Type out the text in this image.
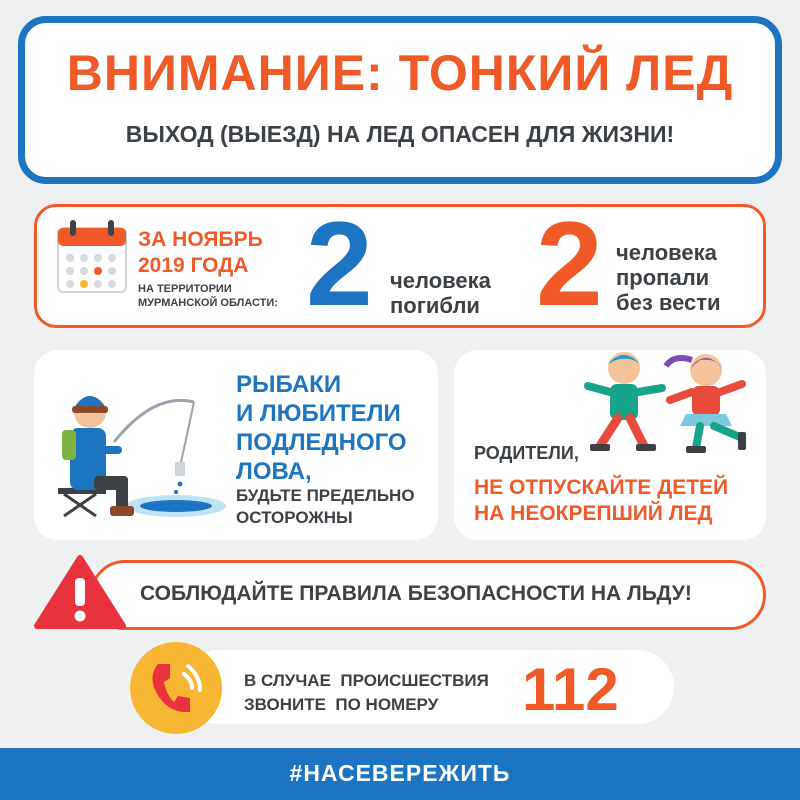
ВНИМАНИЕ: ТОНКИЙ ЛЕД
ВЫХОД (ВЫЕЗД) НА ЛЕД ОПАСЕН ДЛЯ ЖИЗНИ!
ЗА НОЯБРЬ
2019 ГОДА
НА ТЕРРИТОРИИ
МУРМАНСКОЙ ОБЛАСТИ: 2 человека
погибли 2 человека
пропали
без вести
РЫБАКИ
И ЛЮБИТЕЛИ
ПОДЛЕДНОГО
ЛОВА,
БУДЬТЕ ПРЕДЕЛЬНО
ОСТОРОЖНЫ
РОДИТЕЛИ,
НЕ ОТПУСКАЙТЕ ДЕТЕЙ
НА НЕОКРЕПШИЙ ЛЕД
СОБЛЮДАЙТЕ ПРАВИЛА БЕЗОПАСНОСТИ НА ЛЬДУ!
В СЛУЧАЕ  ПРОИСШЕСТВИЯ
ЗВОНИТЕ  ПО НОМЕРУ	112
#НАСЕВЕРЕЖИТЬ
